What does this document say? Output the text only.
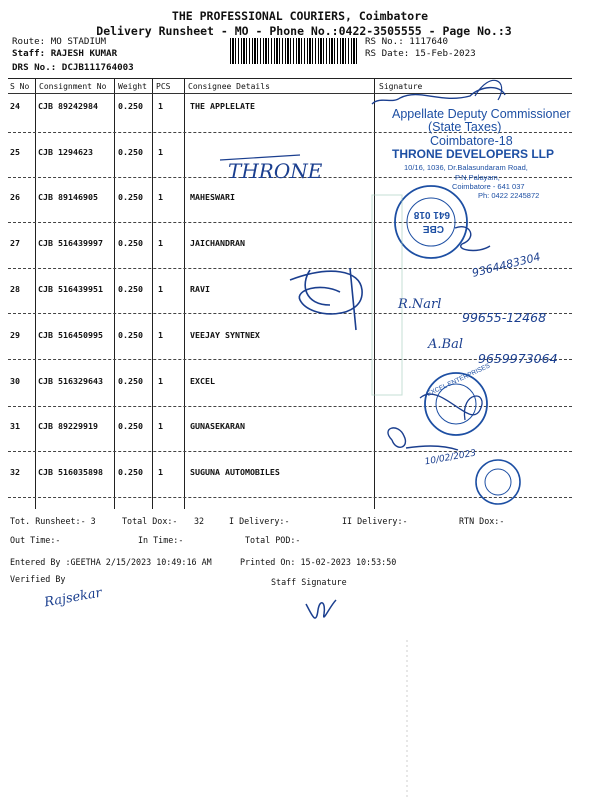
THE PROFESSIONAL COURIERS, Coimbatore
Delivery Runsheet - MO - Phone No.:0422-3505555 - Page No.:3
Route: MO STADIUM
Staff: RAJESH KUMAR
DRS No.: DCJB111764003
RS No.: 1117640
RS Date: 15-Feb-2023
S No Consignment No Weight PCS Consignee Details	Signature
24 CJB 89242984 0.250 1	THE APPLELATE
25 CJB 1294623	0.250 1
26 CJB 89146905 0.250 1	MAHESWARI
27 CJB 516439997 0.250 1	JAICHANDRAN
28 CJB 516439951 0.250 1	RAVI
29 CJB 516450995 0.250 1	VEEJAY SYNTNEX
30 CJB 516329643 0.250 1	EXCEL
31 CJB 89229919 0.250 1	GUNASEKARAN
32 CJB 516035898 0.250 1	SUGUNA AUTOMOBILES
Appellate Deputy Commissioner
(State Taxes)
Coimbatore-18
THRONE
THRONE DEVELOPERS LLP
10/16, 1036, Dr.Balasundaram Road,
P.N.Palayam,
Coimbatore - 641 037
Ph: 0422 2245872
CBE
641 018
9364483304
R.Narl
99655-12468
A.Bal
9659973064
EXCEL ENTERPRISES
10/02/2023
Rajsekar
Tot. Runsheet:- 3	Total Dox:- 32	I Delivery:-	II Delivery:-	RTN Dox:-
Out Time:-	In Time:-	Total POD:-
Entered By :GEETHA 2/15/2023 10:49:16 AM	Printed On: 15-02-2023 10:53:50
Verified By	Staff Signature
